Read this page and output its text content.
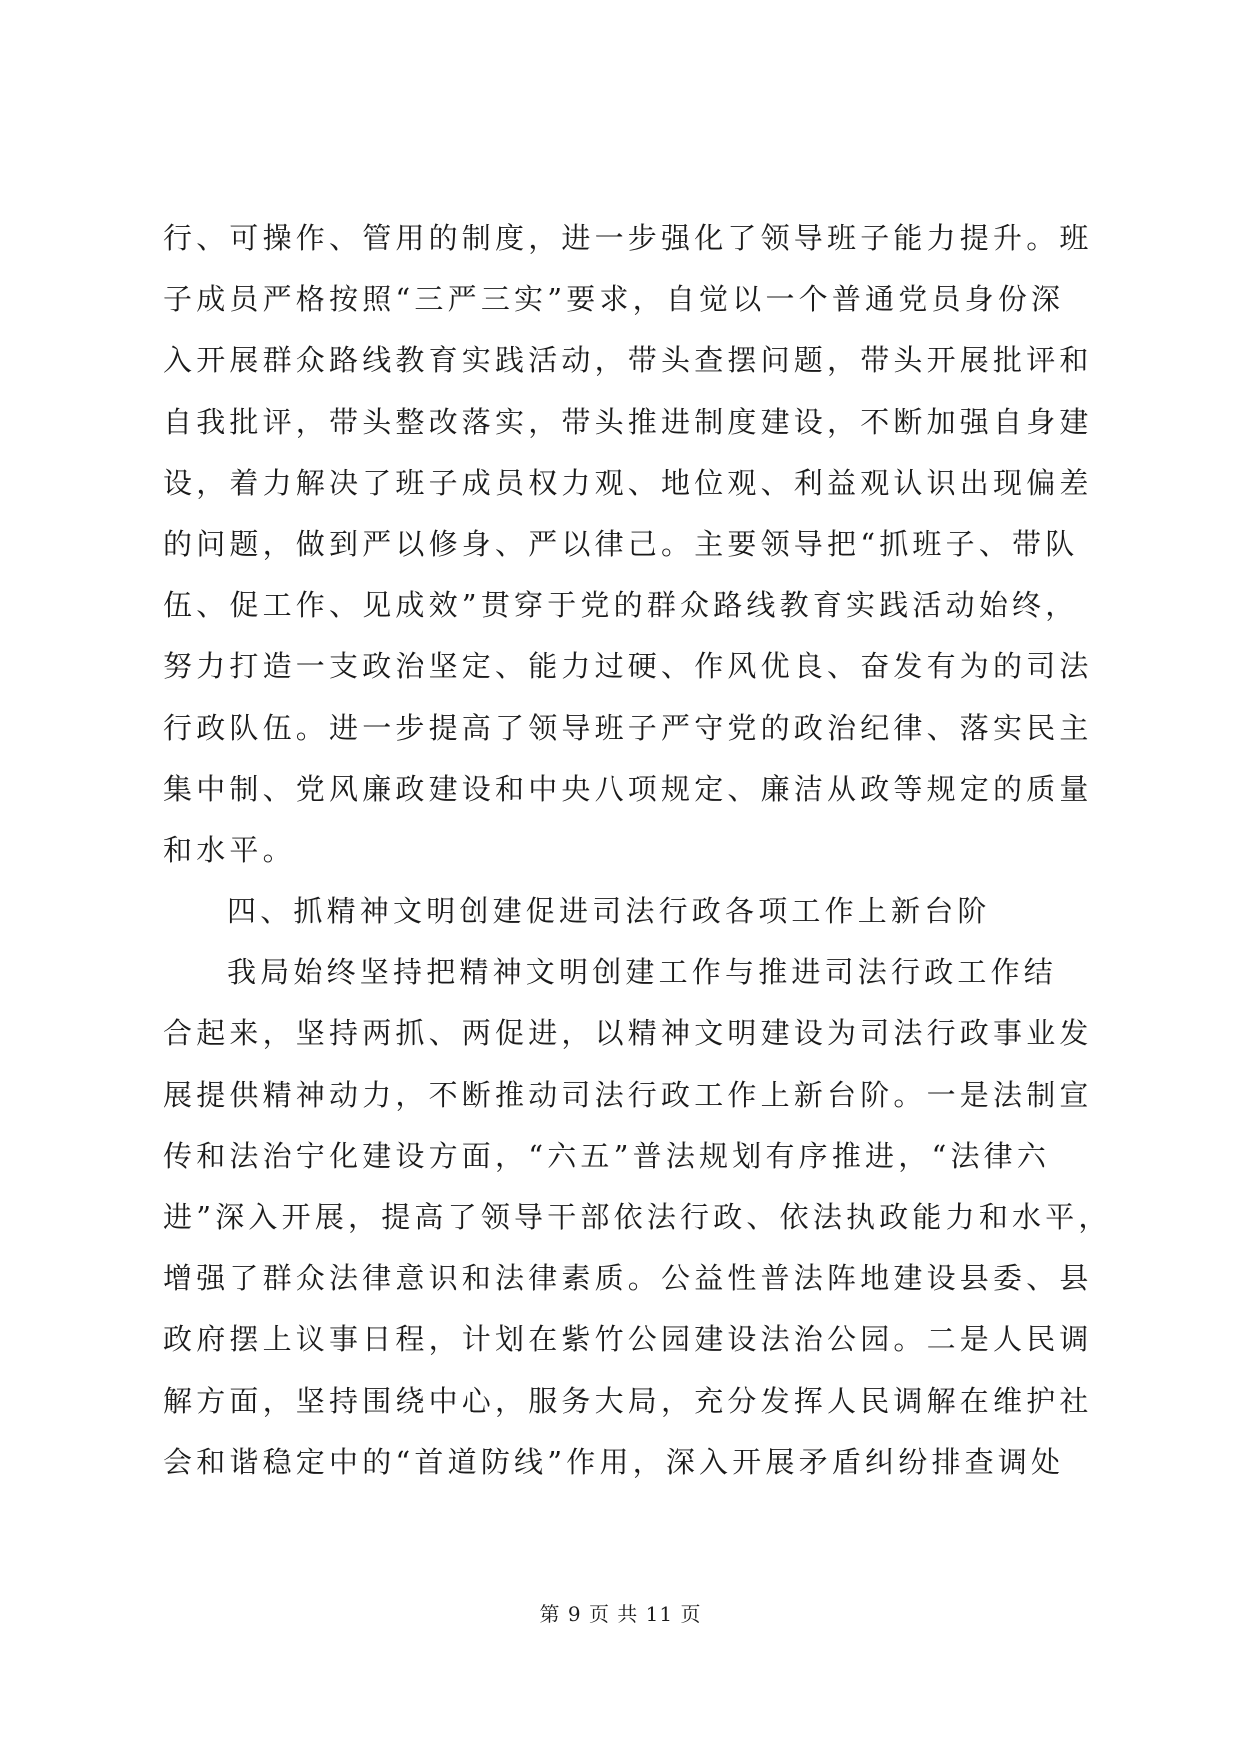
行、可操作、管用的制度，进一步强化了领导班子能力提升。班
子成员严格按照“三严三实”要求，自觉以一个普通党员身份深
入开展群众路线教育实践活动，带头查摆问题，带头开展批评和
自我批评，带头整改落实，带头推进制度建设，不断加强自身建
设，着力解决了班子成员权力观、地位观、利益观认识出现偏差
的问题，做到严以修身、严以律己。主要领导把“抓班子、带队
伍、促工作、见成效”贯穿于党的群众路线教育实践活动始终，
努力打造一支政治坚定、能力过硬、作风优良、奋发有为的司法
行政队伍。进一步提高了领导班子严守党的政治纪律、落实民主
集中制、党风廉政建设和中央八项规定、廉洁从政等规定的质量
和水平。
四、抓精神文明创建促进司法行政各项工作上新台阶
我局始终坚持把精神文明创建工作与推进司法行政工作结
合起来，坚持两抓、两促进，以精神文明建设为司法行政事业发
展提供精神动力，不断推动司法行政工作上新台阶。一是法制宣
传和法治宁化建设方面，“六五”普法规划有序推进，“法律六
进”深入开展，提高了领导干部依法行政、依法执政能力和水平，
增强了群众法律意识和法律素质。公益性普法阵地建设县委、县
政府摆上议事日程，计划在紫竹公园建设法治公园。二是人民调
解方面，坚持围绕中心，服务大局，充分发挥人民调解在维护社
会和谐稳定中的“首道防线”作用，深入开展矛盾纠纷排查调处
第 9 页 共 11 页
